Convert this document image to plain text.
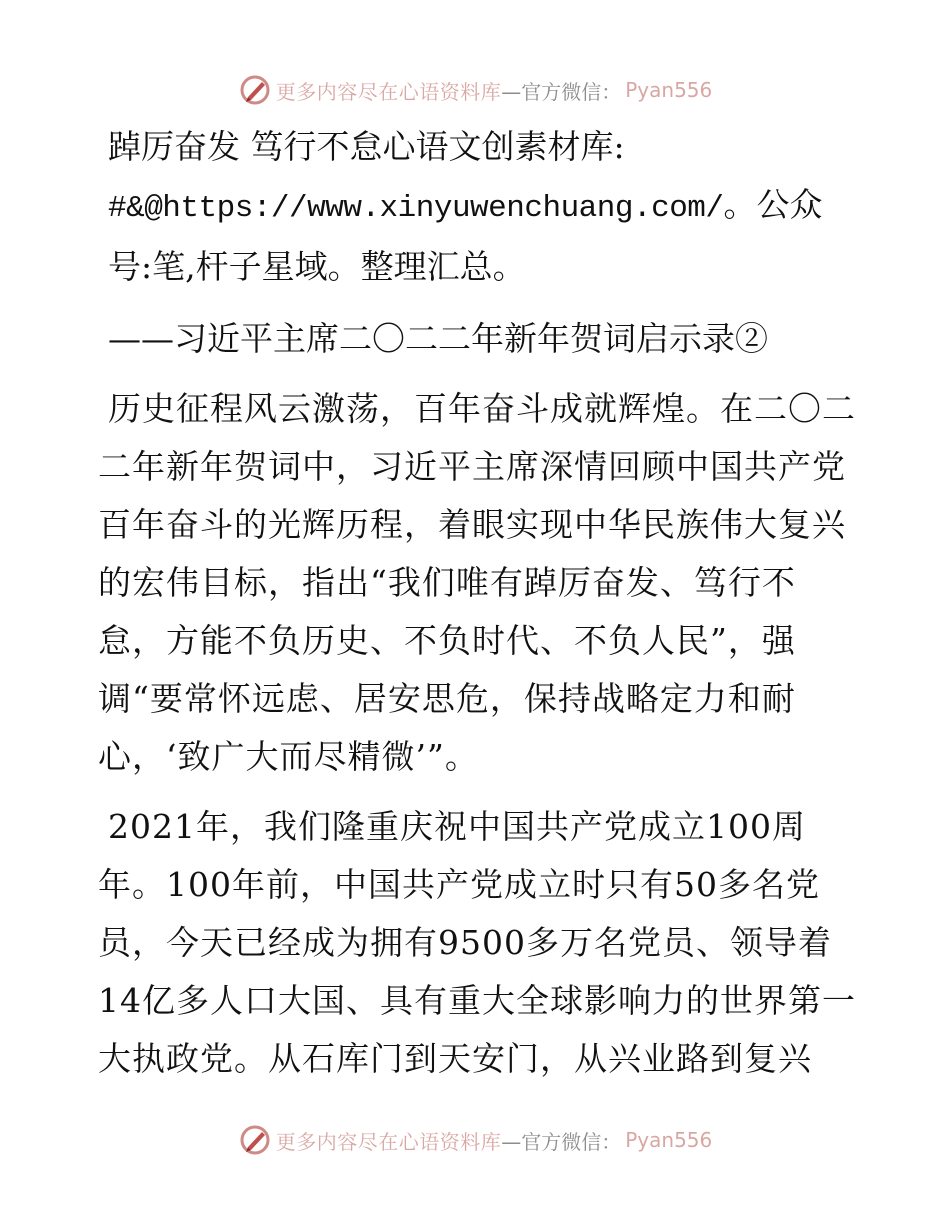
更多内容尽在心语资料库 —官方微信： Pyan556

踔厉奋发 笃行不怠心语文创素材库:
#&@https://www.xinyuwenchuang.com/。公众号:笔,杆子星域。整理汇总。

——习近平主席二〇二二年新年贺词启示录②

历史征程风云激荡，百年奋斗成就辉煌。在二〇二二年新年贺词中，习近平主席深情回顾中国共产党百年奋斗的光辉历程，着眼实现中华民族伟大复兴的宏伟目标，指出“我们唯有踔厉奋发、笃行不怠，方能不负历史、不负时代、不负人民”，强调“要常怀远虑、居安思危，保持战略定力和耐心，‘致广大而尽精微’”。

2021年，我们隆重庆祝中国共产党成立100周年。100年前，中国共产党成立时只有50多名党员，今天已经成为拥有9500多万名党员、领导着14亿多人口大国、具有重大全球影响力的世界第一大执政党。从石库门到天安门，从兴业路到复兴

更多内容尽在心语资料库 —官方微信： Pyan556
